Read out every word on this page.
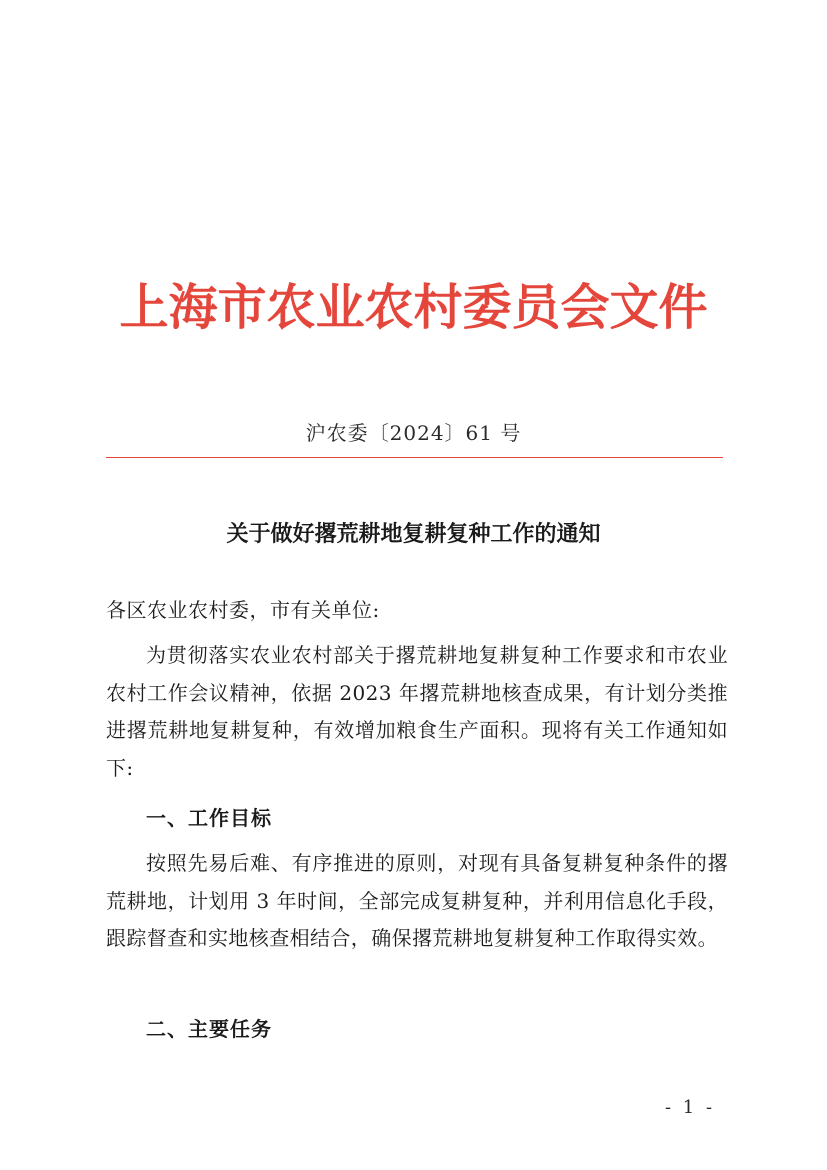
上海市农业农村委员会文件
沪农委〔2024〕61 号
关于做好撂荒耕地复耕复种工作的通知
各区农业农村委，市有关单位:
为贯彻落实农业农村部关于撂荒耕地复耕复种工作要求和市农业农村工作会议精神，依据 2023 年撂荒耕地核查成果，有计划分类推进撂荒耕地复耕复种，有效增加粮食生产面积。现将有关工作通知如下:
一、工作目标
按照先易后难、有序推进的原则，对现有具备复耕复种条件的撂荒耕地，计划用 3 年时间，全部完成复耕复种，并利用信息化手段，跟踪督查和实地核查相结合，确保撂荒耕地复耕复种工作取得实效。
二、主要任务
- 1 -
